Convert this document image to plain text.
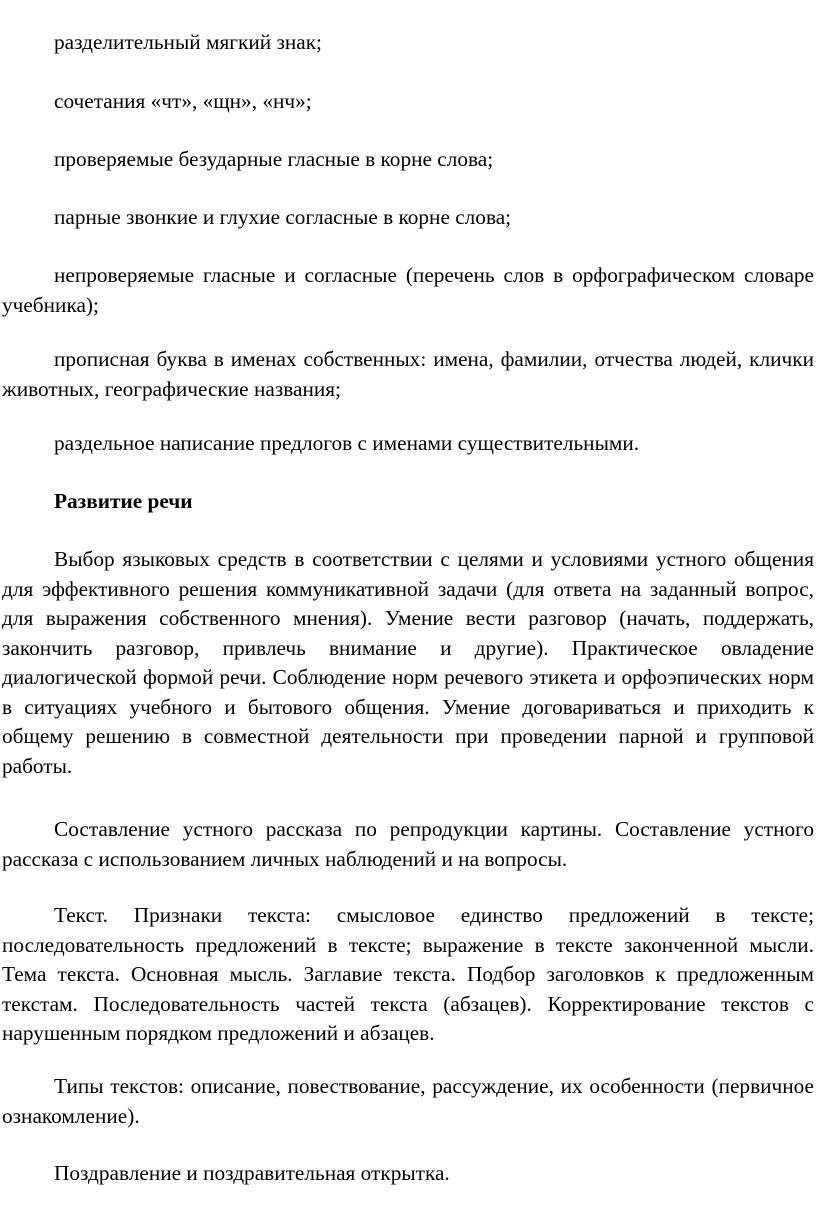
разделительный мягкий знак;

сочетания «чт», «щн», «нч»;

проверяемые безударные гласные в корне слова;

парные звонкие и глухие согласные в корне слова;

непроверяемые гласные и согласные (перечень слов в орфографическом словаре учебника);

прописная буква в именах собственных: имена, фамилии, отчества людей, клички животных, географические названия;

раздельное написание предлогов с именами существительными.

Развитие речи

Выбор языковых средств в соответствии с целями и условиями устного общения для эффективного решения коммуникативной задачи (для ответа на заданный вопрос, для выражения собственного мнения). Умение вести разговор (начать, поддержать, закончить разговор, привлечь внимание и другие). Практическое овладение диалогической формой речи. Соблюдение норм речевого этикета и орфоэпических норм в ситуациях учебного и бытового общения. Умение договариваться и приходить к общему решению в совместной деятельности при проведении парной и групповой работы.

Составление устного рассказа по репродукции картины. Составление устного рассказа с использованием личных наблюдений и на вопросы.

Текст. Признаки текста: смысловое единство предложений в тексте; последовательность предложений в тексте; выражение в тексте законченной мысли. Тема текста. Основная мысль. Заглавие текста. Подбор заголовков к предложенным текстам. Последовательность частей текста (абзацев). Корректирование текстов с нарушенным порядком предложений и абзацев.

Типы текстов: описание, повествование, рассуждение, их особенности (первичное ознакомление).

Поздравление и поздравительная открытка.
